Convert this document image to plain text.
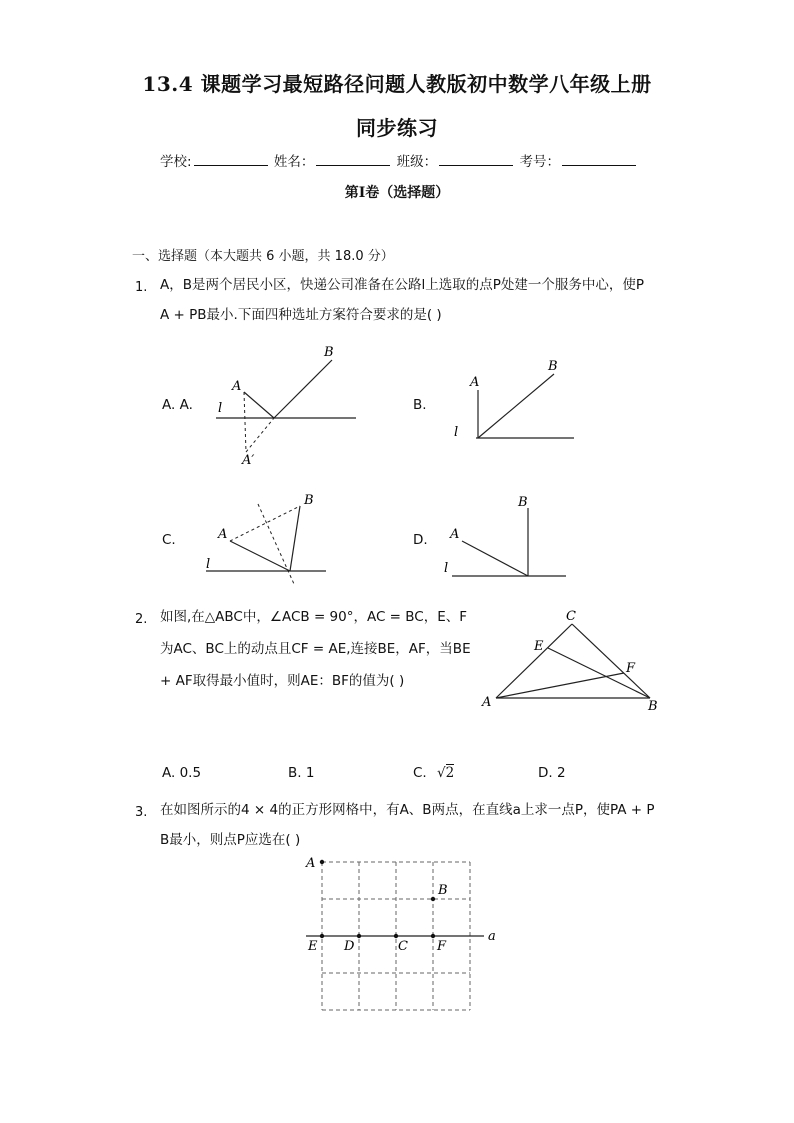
13.4 课题学习最短路径问题人教版初中数学八年级上册
同步练习
学校:	姓名：	班级：	考号：
第I卷（选择题）
一、选择题（本大题共 6 小题，共 18.0 分）
1. A，B是两个居民小区，快递公司准备在公路l上选取的点P处建一个服务中心，使P
A + PB最小.下面四种选址方案符合要求的是( )
A. A.
B
A
l
A′
B.
A
B
l
C.
B
A
l
D.
B
A
l
2. 如图,在△ABC中，∠ACB = 90°，AC = BC，E、F
为AC、BC上的动点且CF = AE,连接BE，AF，当BE
+ AF取得最小值时，则AE：BF的值为( )
C
E
F
A	B
A. 0.5	B. 1	C. √2	D. 2
3. 在如图所示的4 × 4的正方形网格中，有A、B两点，在直线a上求一点P，使PA + P
B最小，则点P应选在( )
A
B
E D	C F
a
